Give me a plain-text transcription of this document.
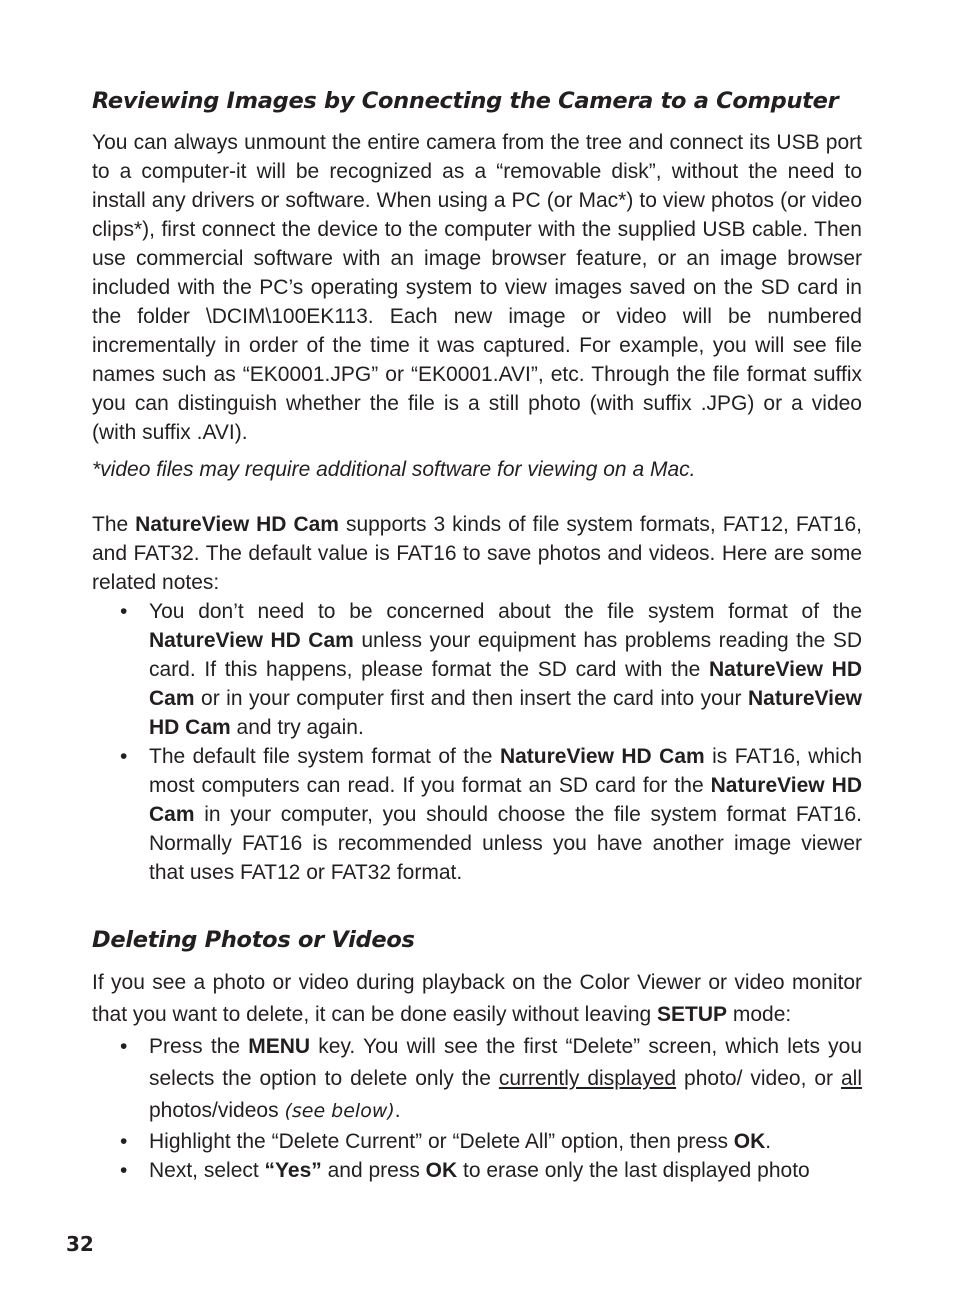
Reviewing Images by Connecting the Camera to a Computer

You can always unmount the entire camera from the tree and connect its USB port to a computer-it will be recognized as a “removable disk”, without the need to install any drivers or software. When using a PC (or Mac*) to view photos (or video clips*), first connect the device to the computer with the supplied USB cable. Then use commercial software with an image browser feature, or an image browser included with the PC’s operating system to view images saved on the SD card in the folder \DCIM\100EK113. Each new image or video will be numbered incrementally in order of the time it was captured. For example, you will see file names such as “EK0001.JPG” or “EK0001.AVI”, etc. Through the file format suffix you can distinguish whether the file is a still photo (with suffix .JPG) or a video (with suffix .AVI).

*video files may require additional software for viewing on a Mac.

The NatureView HD Cam supports 3 kinds of file system formats, FAT12, FAT16, and FAT32. The default value is FAT16 to save photos and videos. Here are some related notes:

• You don’t need to be concerned about the file system format of the NatureView HD Cam unless your equipment has problems reading the SD card. If this happens, please format the SD card with the NatureView HD Cam or in your computer first and then insert the card into your NatureView HD Cam and try again.
• The default file system format of the NatureView HD Cam is FAT16, which most computers can read. If you format an SD card for the NatureView HD Cam in your computer, you should choose the file system format FAT16. Normally FAT16 is recommended unless you have another image viewer that uses FAT12 or FAT32 format.
Deleting Photos or Videos

If you see a photo or video during playback on the Color Viewer or video monitor that you want to delete, it can be done easily without leaving SETUP mode:

• Press the MENU key. You will see the first “Delete” screen, which lets you selects the option to delete only the currently displayed photo/ video, or all photos/videos (see below).
• Highlight the “Delete Current” or “Delete All” option, then press OK.
• Next, select “Yes” and press OK to erase only the last displayed photo
32
